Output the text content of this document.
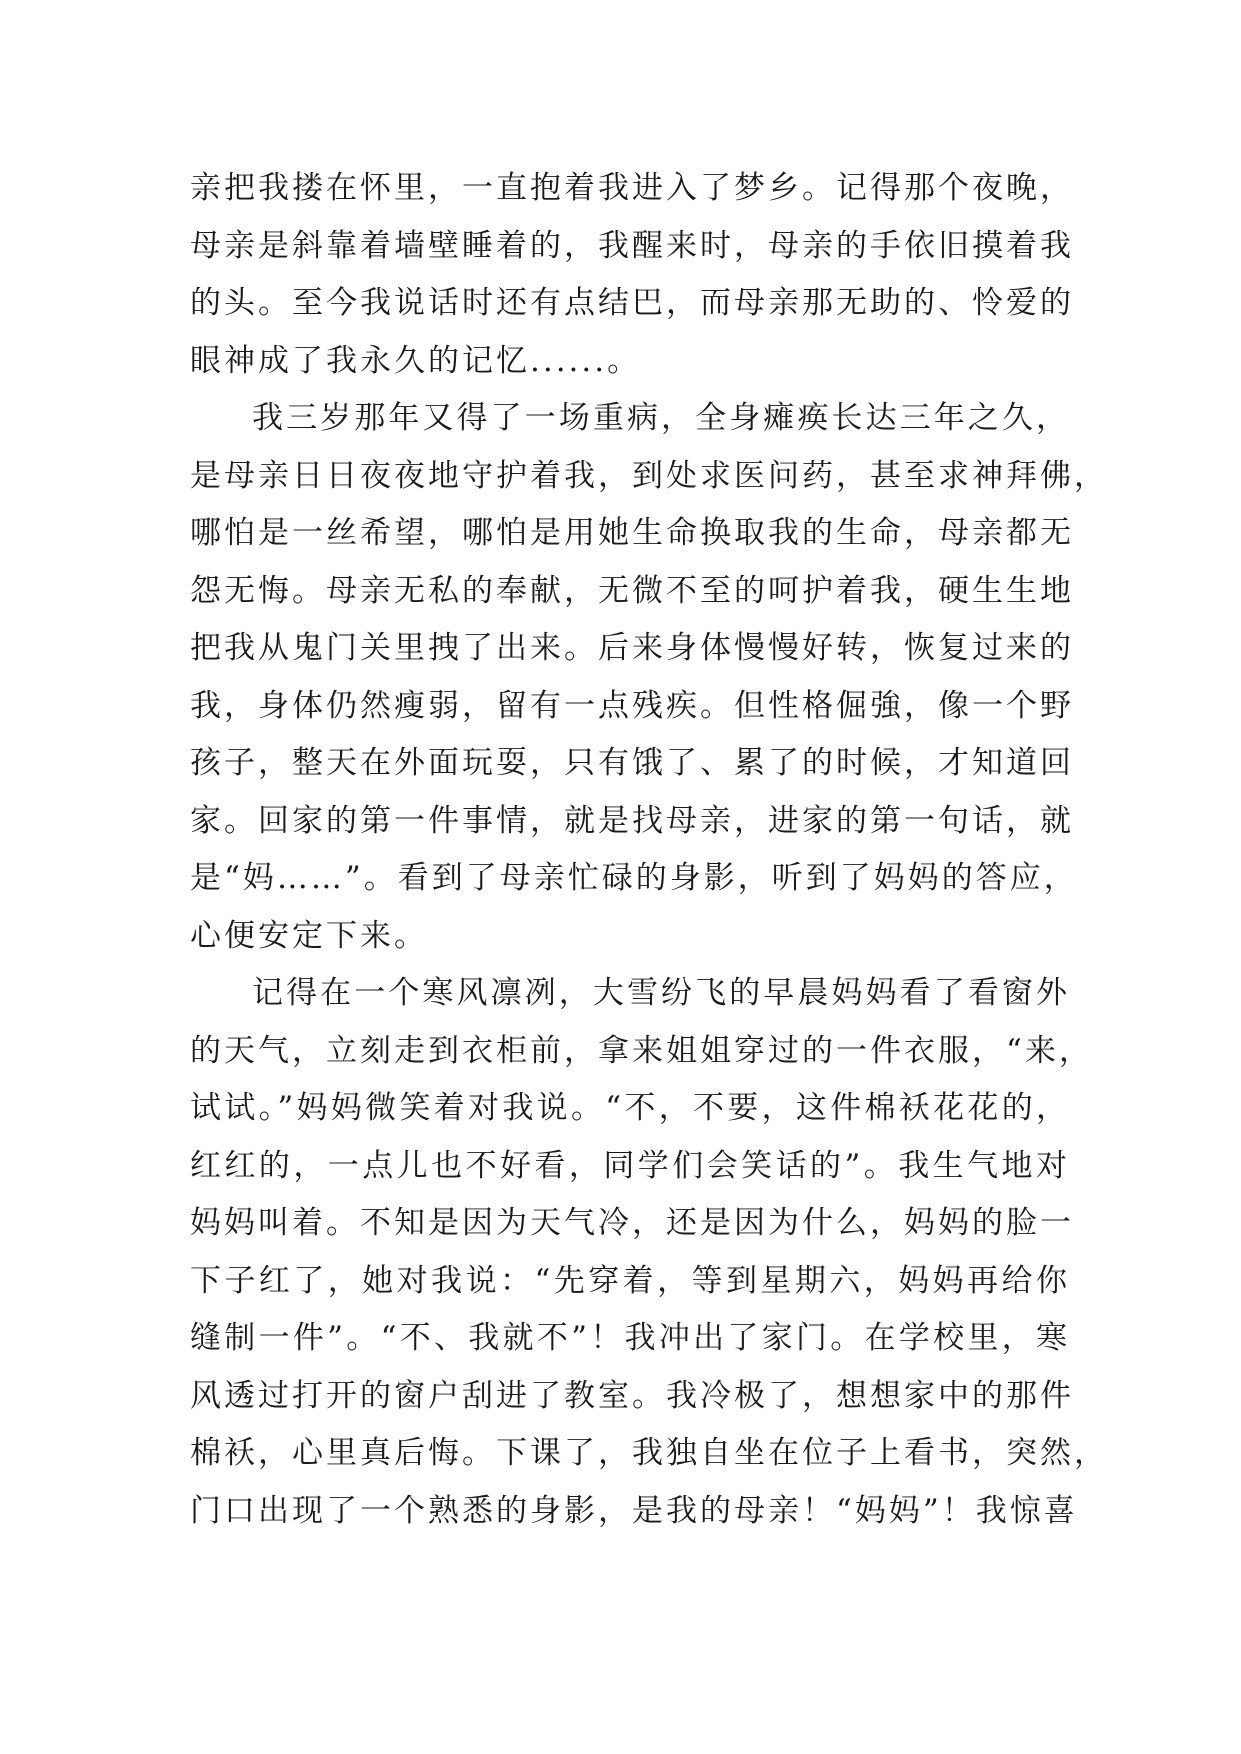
亲把我搂在怀里，一直抱着我进入了梦乡。记得那个夜晚，
母亲是斜靠着墙壁睡着的，我醒来时，母亲的手依旧摸着我
的头。至今我说话时还有点结巴，而母亲那无助的、怜爱的
眼神成了我永久的记忆......。
我三岁那年又得了一场重病，全身瘫痪长达三年之久，
是母亲日日夜夜地守护着我，到处求医问药，甚至求神拜佛，
哪怕是一丝希望，哪怕是用她生命换取我的生命，母亲都无
怨无悔。母亲无私的奉献，无微不至的呵护着我，硬生生地
把我从鬼门关里拽了出来。后来身体慢慢好转，恢复过来的
我，身体仍然瘦弱，留有一点残疾。但性格倔強，像一个野
孩子，整天在外面玩耍，只有饿了、累了的时候，才知道回
家。回家的第一件事情，就是找母亲，进家的第一句话，就
是“妈……”。看到了母亲忙碌的身影，听到了妈妈的答应，
心便安定下来。
记得在一个寒风凛冽，大雪纷飞的早晨妈妈看了看窗外
的天气，立刻走到衣柜前，拿来姐姐穿过的一件衣服，“来，
试试。”妈妈微笑着对我说。“不，不要，这件棉袄花花的，
红红的，一点儿也不好看，同学们会笑话的”。我生气地对
妈妈叫着。不知是因为天气冷，还是因为什么，妈妈的脸一
下子红了，她对我说：“先穿着，等到星期六，妈妈再给你
缝制一件”。“不、我就不”！我冲出了家门。在学校里，寒
风透过打开的窗户刮进了教室。我冷极了，想想家中的那件
棉袄，心里真后悔。下课了，我独自坐在位子上看书，突然，
门口出现了一个熟悉的身影，是我的母亲！“妈妈”！我惊喜
